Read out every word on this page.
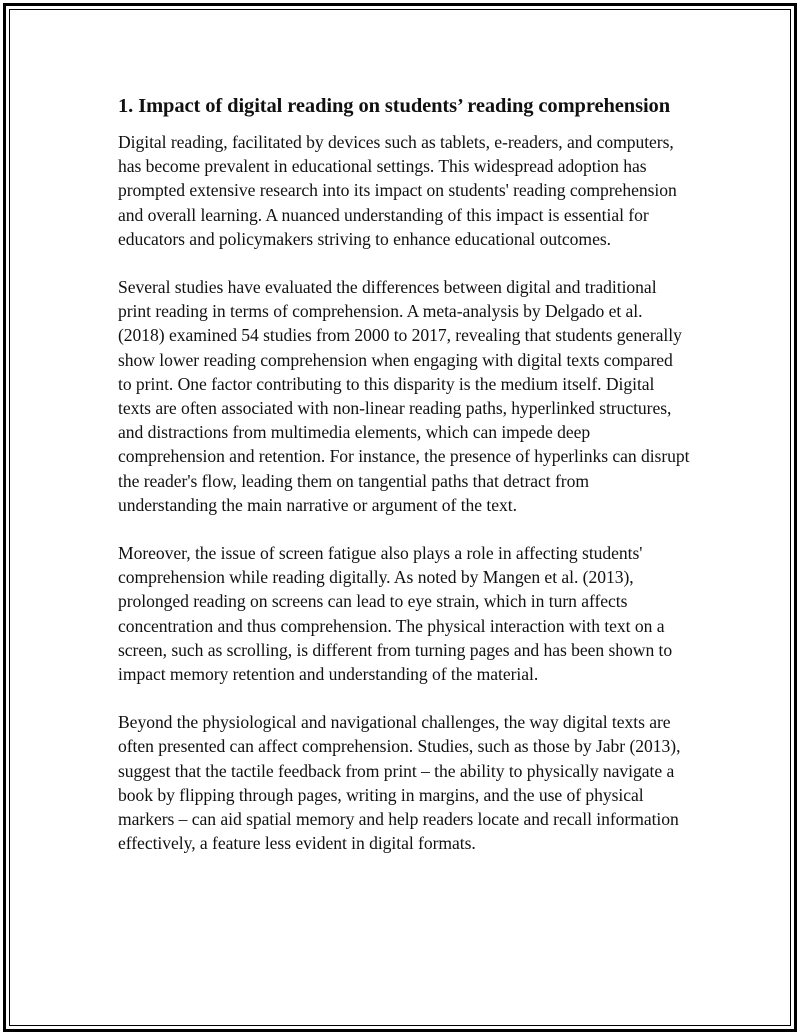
1. Impact of digital reading on students’ reading comprehension

Digital reading, facilitated by devices such as tablets, e-readers, and computers, has become prevalent in educational settings. This widespread adoption has prompted extensive research into its impact on students' reading comprehension and overall learning. A nuanced understanding of this impact is essential for educators and policymakers striving to enhance educational outcomes.

Several studies have evaluated the differences between digital and traditional print reading in terms of comprehension. A meta-analysis by Delgado et al. (2018) examined 54 studies from 2000 to 2017, revealing that students generally show lower reading comprehension when engaging with digital texts compared to print. One factor contributing to this disparity is the medium itself. Digital texts are often associated with non-linear reading paths, hyperlinked structures, and distractions from multimedia elements, which can impede deep comprehension and retention. For instance, the presence of hyperlinks can disrupt the reader's flow, leading them on tangential paths that detract from understanding the main narrative or argument of the text.

Moreover, the issue of screen fatigue also plays a role in affecting students' comprehension while reading digitally. As noted by Mangen et al. (2013), prolonged reading on screens can lead to eye strain, which in turn affects concentration and thus comprehension. The physical interaction with text on a screen, such as scrolling, is different from turning pages and has been shown to impact memory retention and understanding of the material.

Beyond the physiological and navigational challenges, the way digital texts are often presented can affect comprehension. Studies, such as those by Jabr (2013), suggest that the tactile feedback from print – the ability to physically navigate a book by flipping through pages, writing in margins, and the use of physical markers – can aid spatial memory and help readers locate and recall information effectively, a feature less evident in digital formats.
